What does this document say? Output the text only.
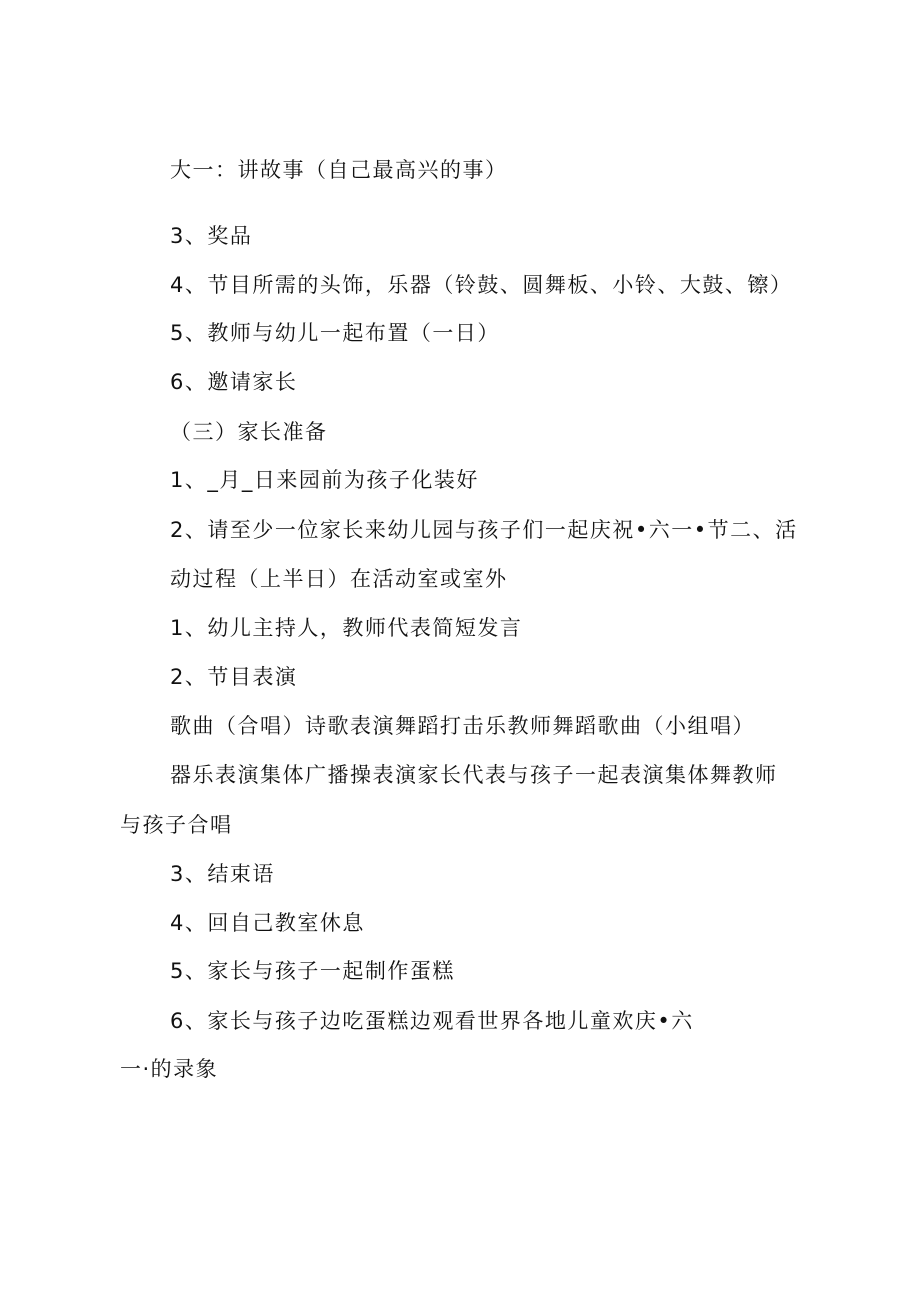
大一：讲故事（自己最高兴的事）
3、奖品
4、节目所需的头饰，乐器（铃鼓、圆舞板、小铃、大鼓、镲）
5、教师与幼儿一起布置（一日）
6、邀请家长
（三）家长准备
1、_月_日来园前为孩子化装好
2、请至少一位家长来幼儿园与孩子们一起庆祝•六一•节二、活
动过程（上半日）在活动室或室外
1、幼儿主持人，教师代表简短发言
2、节目表演
歌曲（合唱）诗歌表演舞蹈打击乐教师舞蹈歌曲（小组唱）
器乐表演集体广播操表演家长代表与孩子一起表演集体舞教师
与孩子合唱
3、结束语
4、回自己教室休息
5、家长与孩子一起制作蛋糕
6、家长与孩子边吃蛋糕边观看世界各地儿童欢庆•六
一·的录象
